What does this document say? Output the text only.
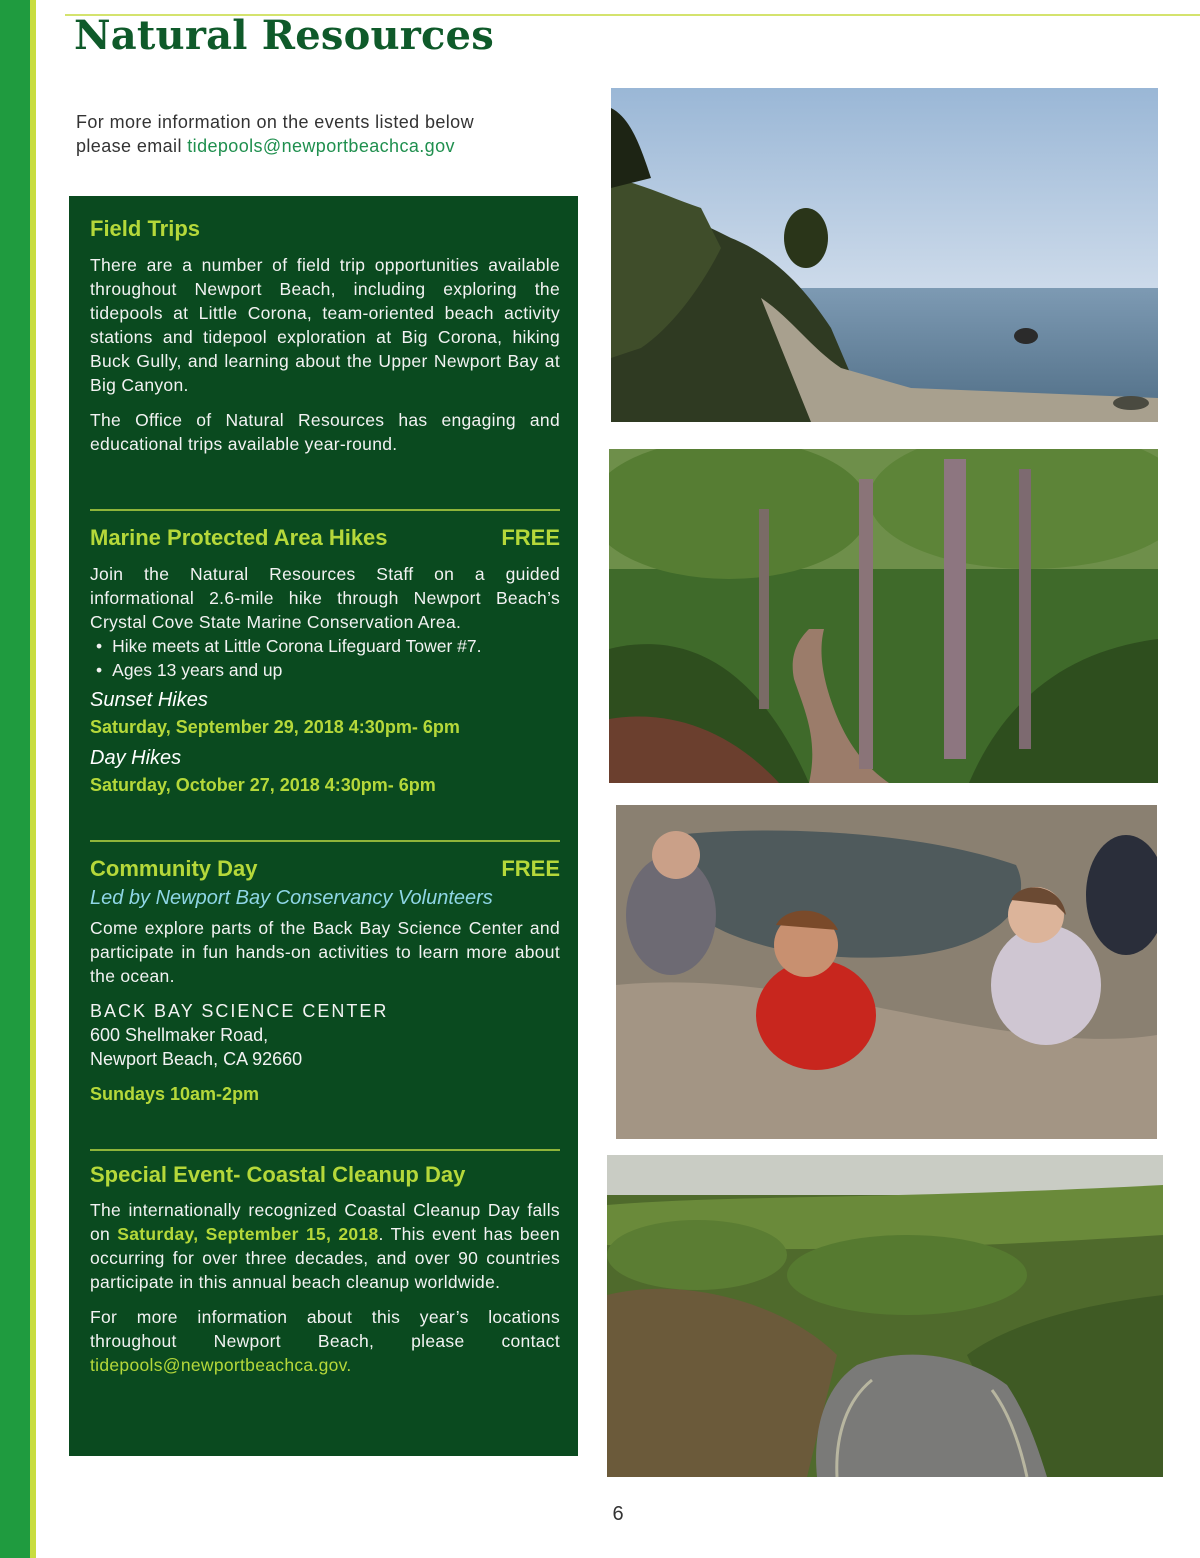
Natural Resources
For more information on the events listed below
please email tidepools@newportbeachca.gov
Field Trips

There are a number of field trip opportunities available throughout Newport Beach, including exploring the tidepools at Little Corona, team-oriented beach activity stations and tidepool exploration at Big Corona, hiking Buck Gully, and learning about the Upper Newport Bay at Big Canyon.

The Office of Natural Resources has engaging and educational trips available year-round.

Marine Protected Area Hikes	FREE

Join the Natural Resources Staff on a guided informational 2.6-mile hike through Newport Beach’s Crystal Cove State Marine Conservation Area.

• Hike meets at Little Corona Lifeguard Tower #7.
• Ages 13 years and up

Sunset Hikes

Saturday, September 29, 2018 4:30pm- 6pm

Day Hikes

Saturday, October 27, 2018 4:30pm- 6pm

Community Day	FREE

Led by Newport Bay Conservancy Volunteers

Come explore parts of the Back Bay Science Center and participate in fun hands-on activities to learn more about the ocean.

BACK BAY SCIENCE CENTER

600 Shellmaker Road,

Newport Beach, CA 92660

Sundays 10am-2pm

Special Event- Coastal Cleanup Day

The internationally recognized Coastal Cleanup Day falls on Saturday, September 15, 2018. This event has been occurring for over three decades, and over 90 countries participate in this annual beach cleanup worldwide.

For more information about this year’s locations throughout Newport Beach, please contact tidepools@newportbeachca.gov.

6
